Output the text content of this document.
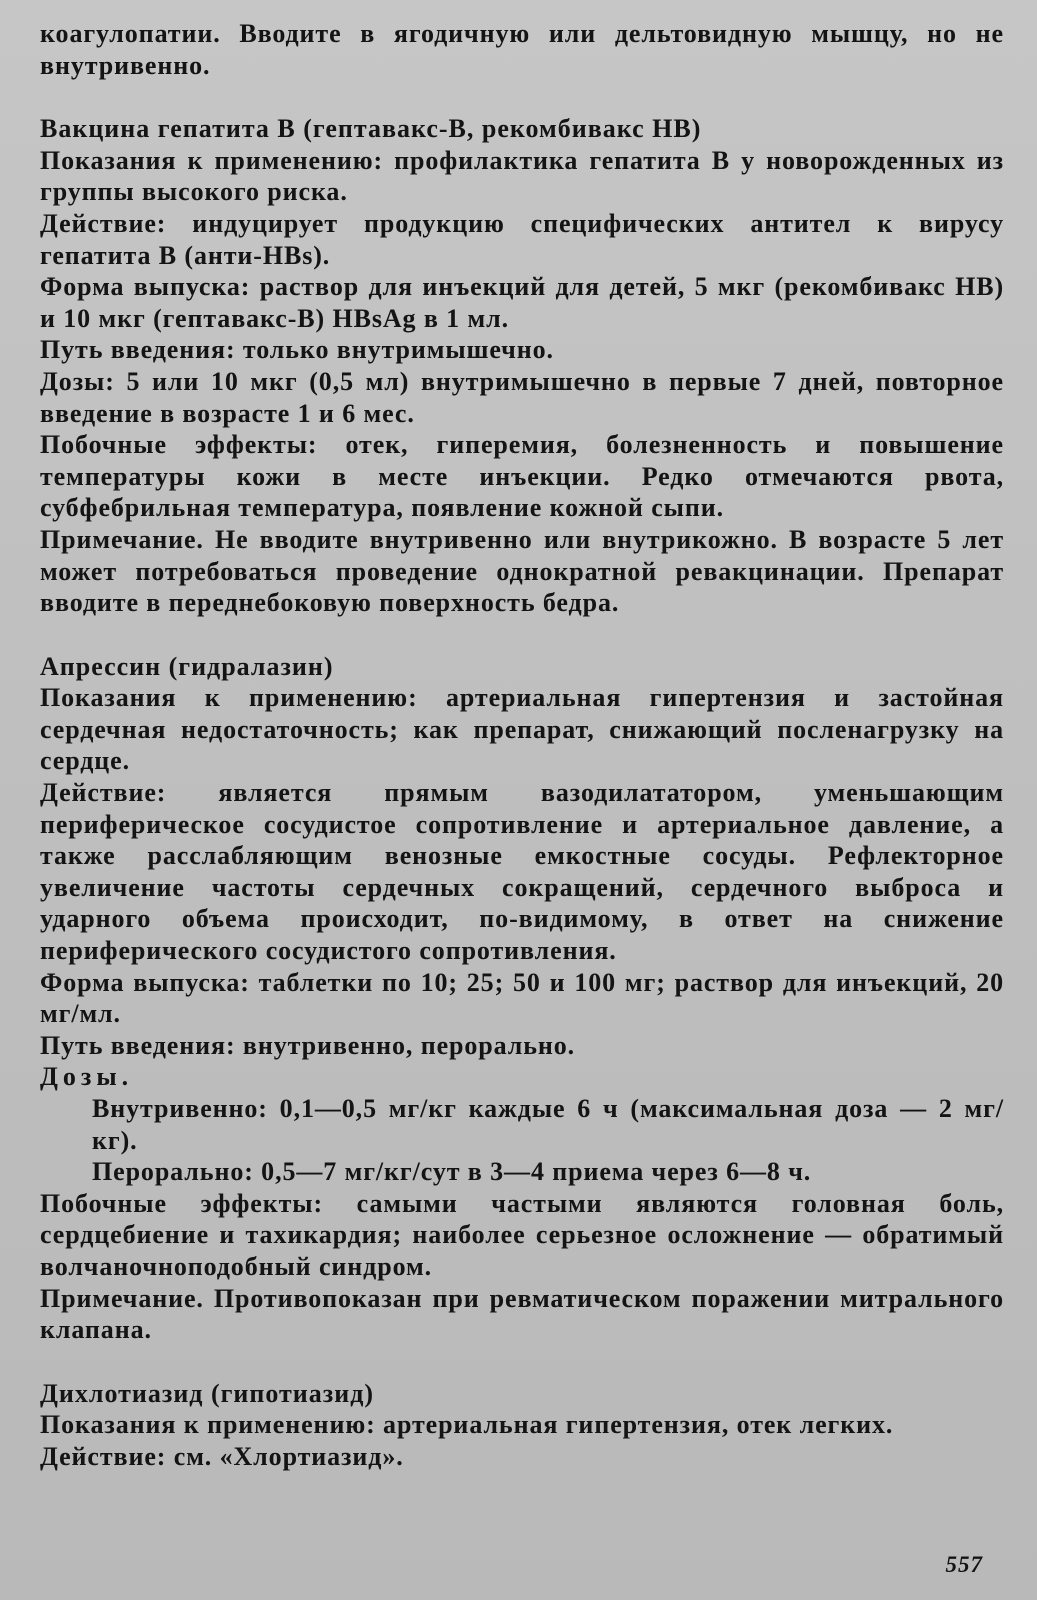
коагулопатии. Вводите в ягодичную или дельтовидную мышцу, но не внутривенно.

Вакцина гепатита В (гептавакс-В, рекомбивакс HB)

Показания к применению: профилактика гепатита В у новорожденных из группы высокого риска.

Действие: индуцирует продукцию специфических антител к вирусу гепатита В (анти-HBs).

Форма выпуска: раствор для инъекций для детей, 5 мкг (рекомбивакс HB) и 10 мкг (гептавакс-В) HBsAg в 1 мл.

Путь введения: только внутримышечно.

Дозы: 5 или 10 мкг (0,5 мл) внутримышечно в первые 7 дней, повторное введение в возрасте 1 и 6 мес.

Побочные эффекты: отек, гиперемия, болезненность и повышение температуры кожи в месте инъекции. Редко отмечаются рвота, субфебрильная температура, появление кожной сыпи.

Примечание. Не вводите внутривенно или внутрикожно. В возрасте 5 лет может потребоваться проведение однократной ревакцинации. Препарат вводите в переднебоковую поверхность бедра.

Апрессин (гидралазин)

Показания к применению: артериальная гипертензия и застойная сердечная недостаточность; как препарат, снижающий посленагрузку на сердце.

Действие: является прямым вазодилататором, уменьшающим периферическое сосудистое сопротивление и артериальное давление, а также расслабляющим венозные емкостные сосуды. Рефлекторное увеличение частоты сердечных сокращений, сердечного выброса и ударного объема происходит, по-видимому, в ответ на снижение периферического сосудистого сопротивления.

Форма выпуска: таблетки по 10; 25; 50 и 100 мг; раствор для инъекций, 20 мг/мл.

Путь введения: внутривенно, перорально.

Дозы.

Внутривенно: 0,1—0,5 мг/кг каждые 6 ч (максимальная доза — 2 мг/кг).

Перорально: 0,5—7 мг/кг/сут в 3—4 приема через 6—8 ч.

Побочные эффекты: самыми частыми являются головная боль, сердцебиение и тахикардия; наиболее серьезное осложнение — обратимый волчаночноподобный синдром.

Примечание. Противопоказан при ревматическом поражении митрального клапана.

Дихлотиазид (гипотиазид)

Показания к применению: артериальная гипертензия, отек легких.

Действие: см. «Хлортиазид».

557
